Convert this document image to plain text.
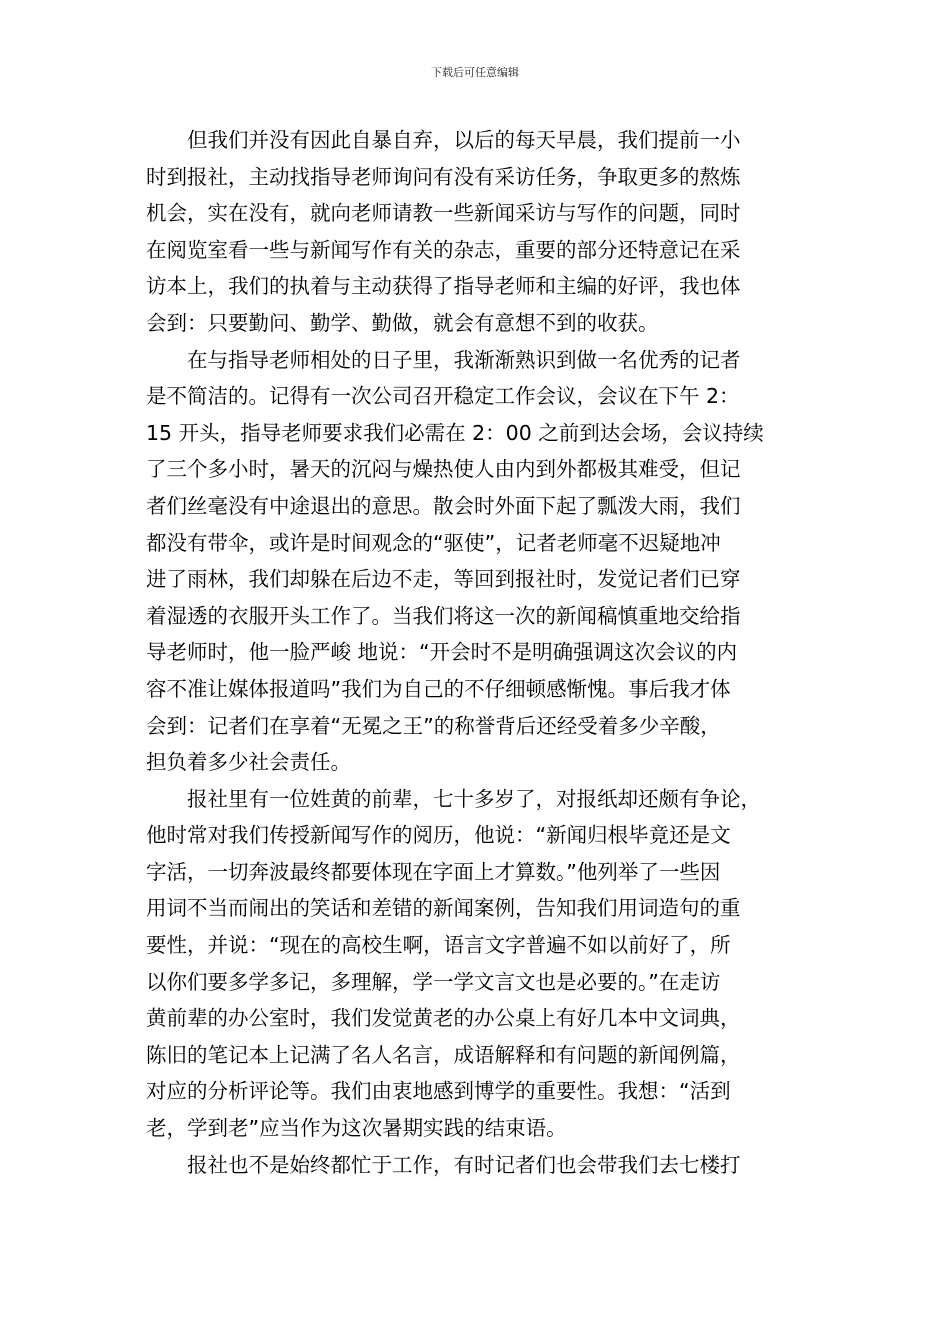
下载后可任意编辑
但我们并没有因此自暴自弃，以后的每天早晨，我们提前一小
时到报社，主动找指导老师询问有没有采访任务，争取更多的熬炼
机会，实在没有，就向老师请教一些新闻采访与写作的问题，同时
在阅览室看一些与新闻写作有关的杂志，重要的部分还特意记在采
访本上，我们的执着与主动获得了指导老师和主编的好评，我也体
会到：只要勤问、勤学、勤做，就会有意想不到的收获。
在与指导老师相处的日子里，我渐渐熟识到做一名优秀的记者
是不简洁的。记得有一次公司召开稳定工作会议，会议在下午 2：
15 开头，指导老师要求我们必需在 2：00 之前到达会场，会议持续
了三个多小时，暑天的沉闷与燥热使人由内到外都极其难受，但记
者们丝毫没有中途退出的意思。散会时外面下起了瓢泼大雨，我们
都没有带伞，或许是时间观念的“驱使”，记者老师毫不迟疑地冲
进了雨林，我们却躲在后边不走，等回到报社时，发觉记者们已穿
着湿透的衣服开头工作了。当我们将这一次的新闻稿慎重地交给指
导老师时，他一脸严峻 地说：“开会时不是明确强调这次会议的内
容不准让媒体报道吗”我们为自己的不仔细顿感惭愧。事后我才体
会到：记者们在享着“无冕之王”的称誉背后还经受着多少辛酸，
担负着多少社会责任。
报社里有一位姓黄的前辈，七十多岁了，对报纸却还颇有争论，
他时常对我们传授新闻写作的阅历，他说：“新闻归根毕竟还是文
字活，一切奔波最终都要体现在字面上才算数。”他列举了一些因
用词不当而闹出的笑话和差错的新闻案例，告知我们用词造句的重
要性，并说：“现在的高校生啊，语言文字普遍不如以前好了，所
以你们要多学多记，多理解，学一学文言文也是必要的。”在走访
黄前辈的办公室时，我们发觉黄老的办公桌上有好几本中文词典，
陈旧的笔记本上记满了名人名言，成语解释和有问题的新闻例篇，
对应的分析评论等。我们由衷地感到博学的重要性。我想：“活到
老，学到老”应当作为这次暑期实践的结束语。
报社也不是始终都忙于工作，有时记者们也会带我们去七楼打
